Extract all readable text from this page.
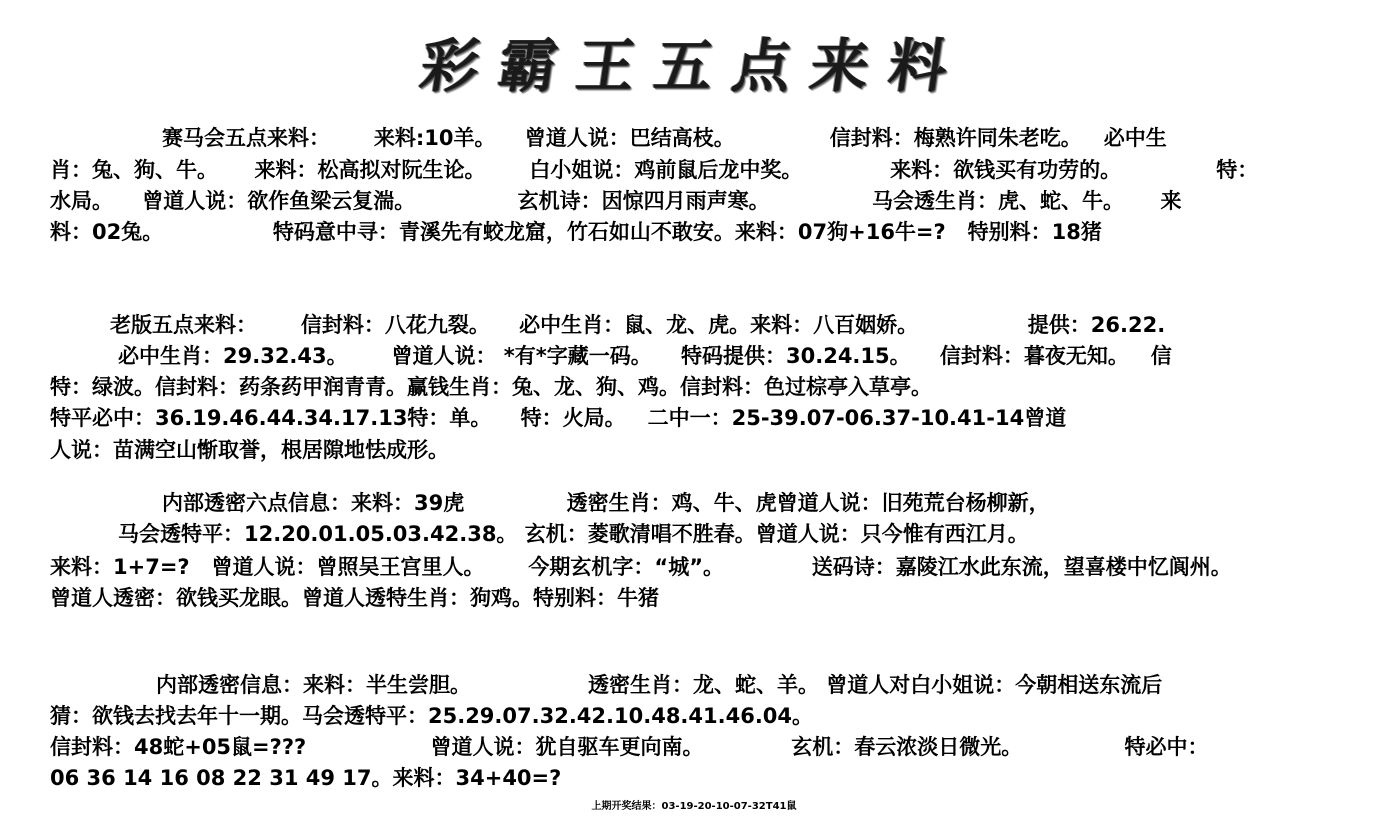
彩霸王五点来料
赛马会五点来料：      来料:10羊。    曾道人说：巴结高枝。             信封料：梅熟许同朱老吃。   必中生
肖：兔、狗、牛。     来料：松高拟对阮生论。      白小姐说：鸡前鼠后龙中奖。            来料：欲钱买有功劳的。             特：
水局。    曾道人说：欲作鱼梁云复湍。              玄机诗：因惊四月雨声寒。              马会透生肖：虎、蛇、牛。     来
料：02兔。               特码意中寻：青溪先有蛟龙窟，竹石如山不敢安。来料：07狗+16牛=?   特别料：18猪
老版五点来料：      信封料：八花九裂。    必中生肖：鼠、龙、虎。来料：八百姻娇。               提供：26.22.
必中生肖：29.32.43。      曾道人说： *有*字藏一码。    特码提供：30.24.15。    信封料：暮夜无知。   信
特：绿波。信封料：药条药甲润青青。赢钱生肖：兔、龙、狗、鸡。信封料：色过棕亭入草亭。
特平必中：36.19.46.44.34.17.13特：单。    特：火局。   二中一：25-39.07-06.37-10.41-14曾道
人说：苗满空山惭取誉，根居隙地怯成形。
内部透密六点信息：来料：39虎              透密生肖：鸡、牛、虎曾道人说：旧苑荒台杨柳新，
马会透特平：12.20.01.05.03.42.38。 玄机：菱歌清唱不胜春。曾道人说：只今惟有西江月。
来料：1+7=?   曾道人说：曾照吴王宫里人。      今期玄机字：“城”。            送码诗：嘉陵江水此东流，望喜楼中忆阆州。
曾道人透密：欲钱买龙眼。曾道人透特生肖：狗鸡。特别料：牛猪
内部透密信息：来料：半生尝胆。                透密生肖：龙、蛇、羊。 曾道人对白小姐说：今朝相送东流后
猜：欲钱去找去年十一期。马会透特平：25.29.07.32.42.10.48.41.46.04。
信封料：48蛇+05鼠=???                 曾道人说：犹自驱车更向南。            玄机：春云浓淡日微光。              特必中：
06 36 14 16 08 22 31 49 17。来料：34+40=?
上期开奖结果：03-19-20-10-07-32T41鼠
